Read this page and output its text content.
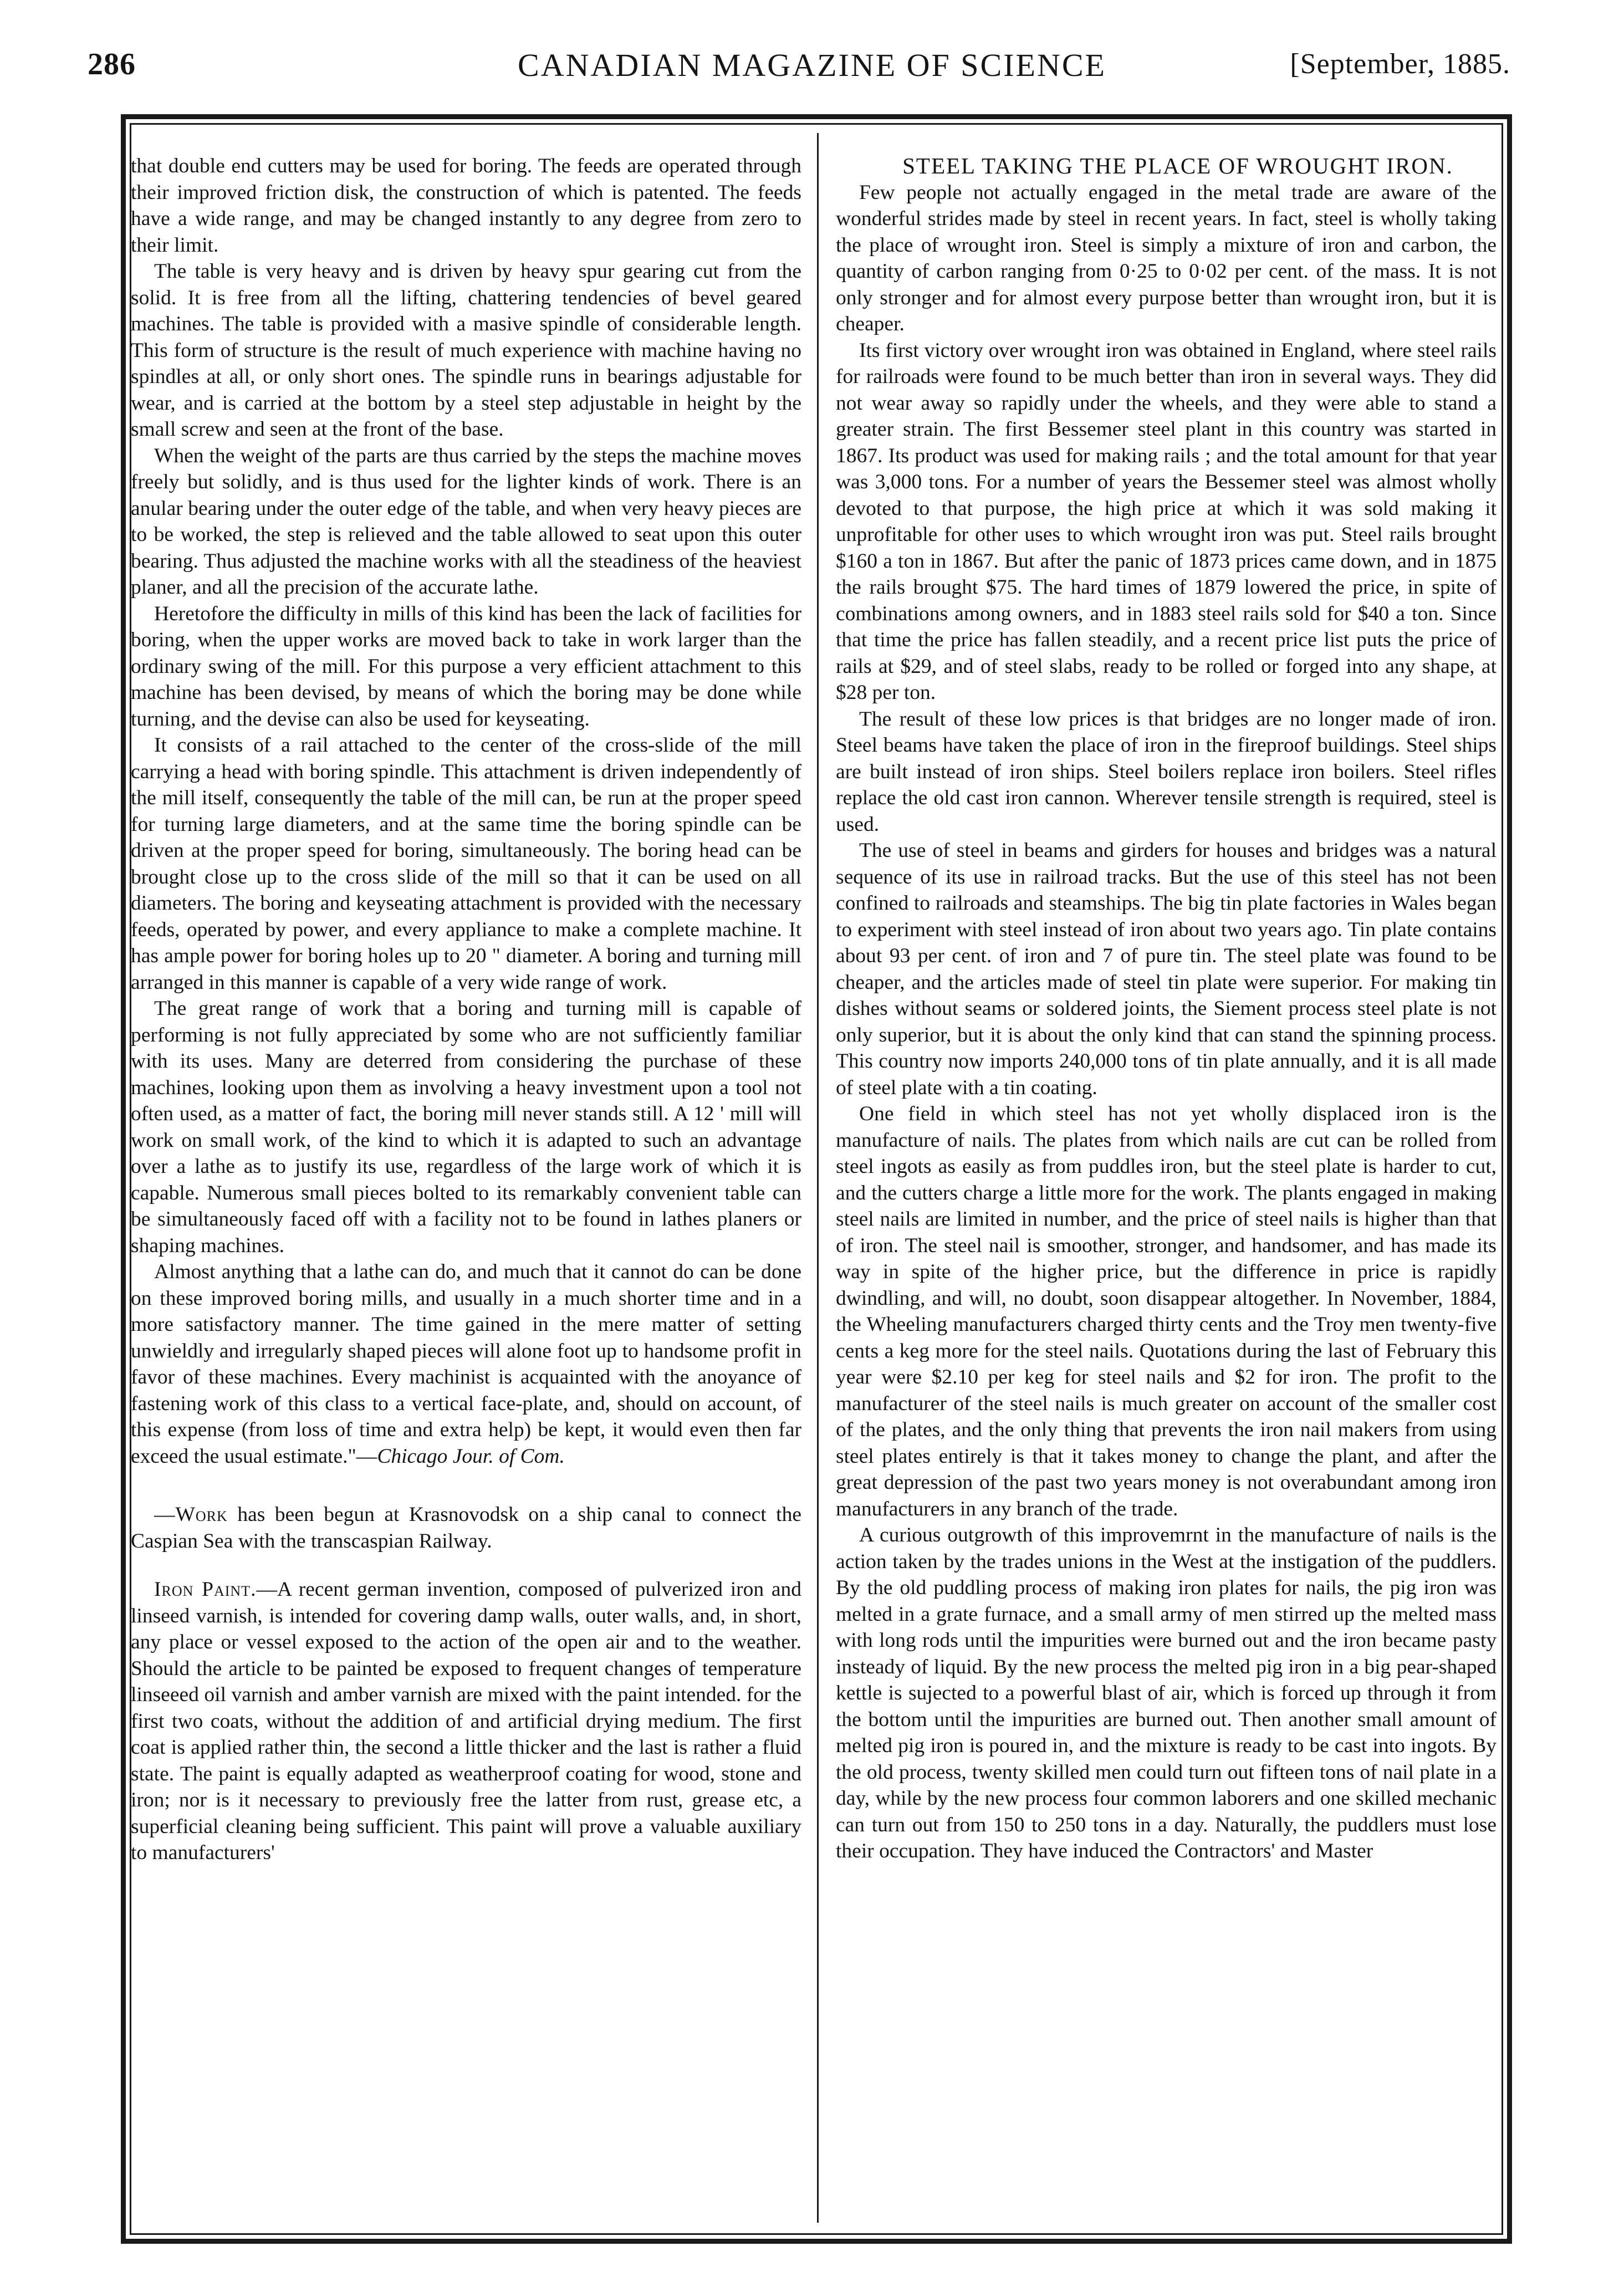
286	CANADIAN MAGAZINE OF SCIENCE	[September, 1885.

that double end cutters may be used for boring. The feeds are operated through their improved friction disk, the construction of which is patented. The feeds have a wide range, and may be changed instantly to any degree from zero to their limit.

The table is very heavy and is driven by heavy spur gearing cut from the solid. It is free from all the lifting, chattering tendencies of bevel geared machines. The table is provided with a masive spindle of considerable length. This form of structure is the result of much experience with machine having no spindles at all, or only short ones. The spindle runs in bearings adjustable for wear, and is carried at the bottom by a steel step adjustable in height by the small screw and seen at the front of the base.

When the weight of the parts are thus carried by the steps the machine moves freely but solidly, and is thus used for the lighter kinds of work. There is an anular bearing under the outer edge of the table, and when very heavy pieces are to be worked, the step is relieved and the table allowed to seat upon this outer bearing. Thus adjusted the machine works with all the steadiness of the heaviest planer, and all the precision of the accurate lathe.

Heretofore the difficulty in mills of this kind has been the lack of facilities for boring, when the upper works are moved back to take in work larger than the ordinary swing of the mill. For this purpose a very efficient attachment to this machine has been devised, by means of which the boring may be done while turning, and the devise can also be used for keyseating.

It consists of a rail attached to the center of the cross-slide of the mill carrying a head with boring spindle. This attachment is driven independently of the mill itself, consequently the table of the mill can, be run at the proper speed for turning large diameters, and at the same time the boring spindle can be driven at the proper speed for boring, simultaneously. The boring head can be brought close up to the cross slide of the mill so that it can be used on all diameters. The boring and keyseating attachment is provided with the necessary feeds, operated by power, and every appliance to make a complete machine. It has ample power for boring holes up to 20 " diameter. A boring and turning mill arranged in this manner is capable of a very wide range of work.

The great range of work that a boring and turning mill is capable of performing is not fully appreciated by some who are not sufficiently familiar with its uses. Many are deterred from considering the purchase of these machines, looking upon them as involving a heavy investment upon a tool not often used, as a matter of fact, the boring mill never stands still. A 12 ' mill will work on small work, of the kind to which it is adapted to such an advantage over a lathe as to justify its use, regardless of the large work of which it is capable. Numerous small pieces bolted to its remarkably convenient table can be simultaneously faced off with a facility not to be found in lathes planers or shaping machines.

Almost anything that a lathe can do, and much that it cannot do can be done on these improved boring mills, and usually in a much shorter time and in a more satisfactory manner. The time gained in the mere matter of setting unwieldly and irregularly shaped pieces will alone foot up to handsome profit in favor of these machines. Every machinist is acquainted with the anoyance of fastening work of this class to a vertical face-plate, and, should on account, of this expense (from loss of time and extra help) be kept, it would even then far exceed the usual estimate."—Chicago Jour. of Com.

—Work has been begun at Krasnovodsk on a ship canal to connect the Caspian Sea with the transcaspian Railway.

Iron Paint.—A recent german invention, composed of pulverized iron and linseed varnish, is intended for covering damp walls, outer walls, and, in short, any place or vessel exposed to the action of the open air and to the weather. Should the article to be painted be exposed to frequent changes of temperature linseeed oil varnish and amber varnish are mixed with the paint intended. for the first two coats, without the addition of and artificial drying medium. The first coat is applied rather thin, the second a little thicker and the last is rather a fluid state. The paint is equally adapted as weatherproof coating for wood, stone and iron; nor is it necessary to previously free the latter from rust, grease etc, a superficial cleaning being sufficient. This paint will prove a valuable auxiliary to manufacturers'

STEEL TAKING THE PLACE OF WROUGHT IRON.

Few people not actually engaged in the metal trade are aware of the wonderful strides made by steel in recent years. In fact, steel is wholly taking the place of wrought iron. Steel is simply a mixture of iron and carbon, the quantity of carbon ranging from 0·25 to 0·02 per cent. of the mass. It is not only stronger and for almost every purpose better than wrought iron, but it is cheaper.

Its first victory over wrought iron was obtained in England, where steel rails for railroads were found to be much better than iron in several ways. They did not wear away so rapidly under the wheels, and they were able to stand a greater strain. The first Bessemer steel plant in this country was started in 1867. Its product was used for making rails ; and the total amount for that year was 3,000 tons. For a number of years the Bessemer steel was almost wholly devoted to that purpose, the high price at which it was sold making it unprofitable for other uses to which wrought iron was put. Steel rails brought $160 a ton in 1867. But after the panic of 1873 prices came down, and in 1875 the rails brought $75. The hard times of 1879 lowered the price, in spite of combinations among owners, and in 1883 steel rails sold for $40 a ton. Since that time the price has fallen steadily, and a recent price list puts the price of rails at $29, and of steel slabs, ready to be rolled or forged into any shape, at $28 per ton.

The result of these low prices is that bridges are no longer made of iron. Steel beams have taken the place of iron in the fireproof buildings. Steel ships are built instead of iron ships. Steel boilers replace iron boilers. Steel rifles replace the old cast iron cannon. Wherever tensile strength is required, steel is used.

The use of steel in beams and girders for houses and bridges was a natural sequence of its use in railroad tracks. But the use of this steel has not been confined to railroads and steamships. The big tin plate factories in Wales began to experiment with steel instead of iron about two years ago. Tin plate contains about 93 per cent. of iron and 7 of pure tin. The steel plate was found to be cheaper, and the articles made of steel tin plate were superior. For making tin dishes without seams or soldered joints, the Siement process steel plate is not only superior, but it is about the only kind that can stand the spinning process. This country now imports 240,000 tons of tin plate annually, and it is all made of steel plate with a tin coating.

One field in which steel has not yet wholly displaced iron is the manufacture of nails. The plates from which nails are cut can be rolled from steel ingots as easily as from puddles iron, but the steel plate is harder to cut, and the cutters charge a little more for the work. The plants engaged in making steel nails are limited in number, and the price of steel nails is higher than that of iron. The steel nail is smoother, stronger, and handsomer, and has made its way in spite of the higher price, but the difference in price is rapidly dwindling, and will, no doubt, soon disappear altogether. In November, 1884, the Wheeling manufacturers charged thirty cents and the Troy men twenty-five cents a keg more for the steel nails. Quotations during the last of February this year were $2.10 per keg for steel nails and $2 for iron. The profit to the manufacturer of the steel nails is much greater on account of the smaller cost of the plates, and the only thing that prevents the iron nail makers from using steel plates entirely is that it takes money to change the plant, and after the great depression of the past two years money is not overabundant among iron manufacturers in any branch of the trade.

A curious outgrowth of this improvemrnt in the manufacture of nails is the action taken by the trades unions in the West at the instigation of the puddlers. By the old puddling process of making iron plates for nails, the pig iron was melted in a grate furnace, and a small army of men stirred up the melted mass with long rods until the impurities were burned out and the iron became pasty insteady of liquid. By the new process the melted pig iron in a big pear-shaped kettle is sujected to a powerful blast of air, which is forced up through it from the bottom until the impurities are burned out. Then another small amount of melted pig iron is poured in, and the mixture is ready to be cast into ingots. By the old process, twenty skilled men could turn out fifteen tons of nail plate in a day, while by the new process four common laborers and one skilled mechanic can turn out from 150 to 250 tons in a day. Naturally, the puddlers must lose their occupation. They have induced the Contractors' and Master
